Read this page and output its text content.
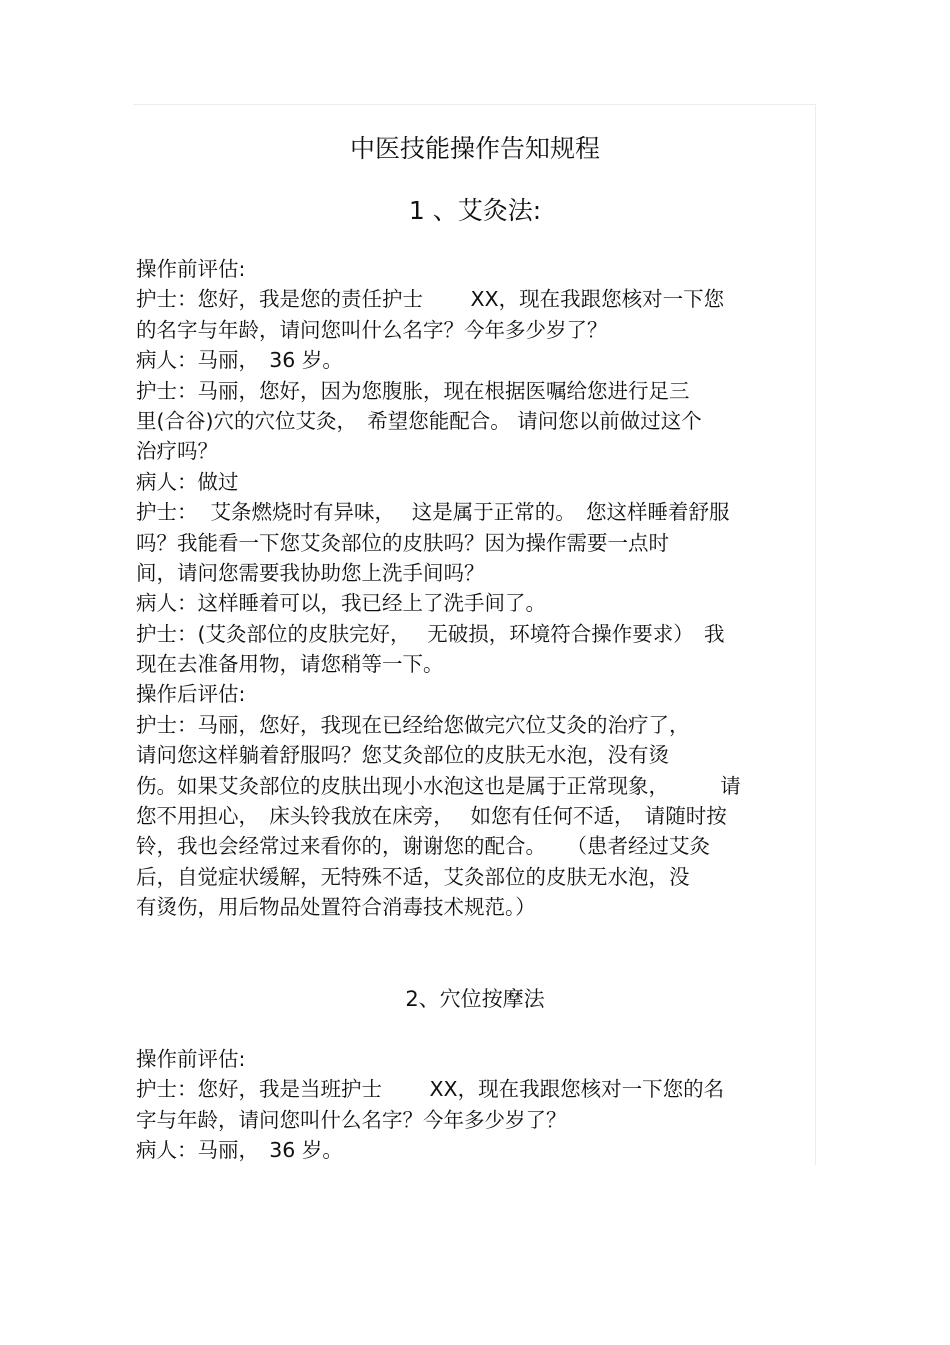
中医技能操作告知规程
1 、艾灸法:
操作前评估:
护士：您好，我是您的责任护士　　 XX，现在我跟您核对一下您
的名字与年龄，请问您叫什么名字？今年多少岁了？
病人：马丽，　36 岁。
护士：马丽，您好，因为您腹胀，现在根据医嘱给您进行足三
里(合谷)穴的穴位艾灸，　希望您能配合。 请问您以前做过这个
治疗吗？
病人：做过
护士：  艾条燃烧时有异味，　 这是属于正常的。　您这样睡着舒服
吗？我能看一下您艾灸部位的皮肤吗？因为操作需要一点时
间，请问您需要我协助您上洗手间吗？
病人：这样睡着可以，我已经上了洗手间了。
护士：(艾灸部位的皮肤完好，　 无破损，环境符合操作要求）　我
现在去准备用物，请您稍等一下。
操作后评估:
护士：马丽，您好，我现在已经给您做完穴位艾灸的治疗了，
请问您这样躺着舒服吗？您艾灸部位的皮肤无水泡，没有烫
伤。如果艾灸部位的皮肤出现小水泡这也是属于正常现象，　　　请
您不用担心，　床头铃我放在床旁，　 如您有任何不适，　请随时按
铃，我也会经常过来看你的，谢谢您的配合。　　（患者经过艾灸
后，自觉症状缓解，无特殊不适，艾灸部位的皮肤无水泡，没
有烫伤，用后物品处置符合消毒技术规范。）
2、穴位按摩法
操作前评估:
护士：您好，我是当班护士　　 XX，现在我跟您核对一下您的名
字与年龄，请问您叫什么名字？今年多少岁了？
病人：马丽，　36 岁。
